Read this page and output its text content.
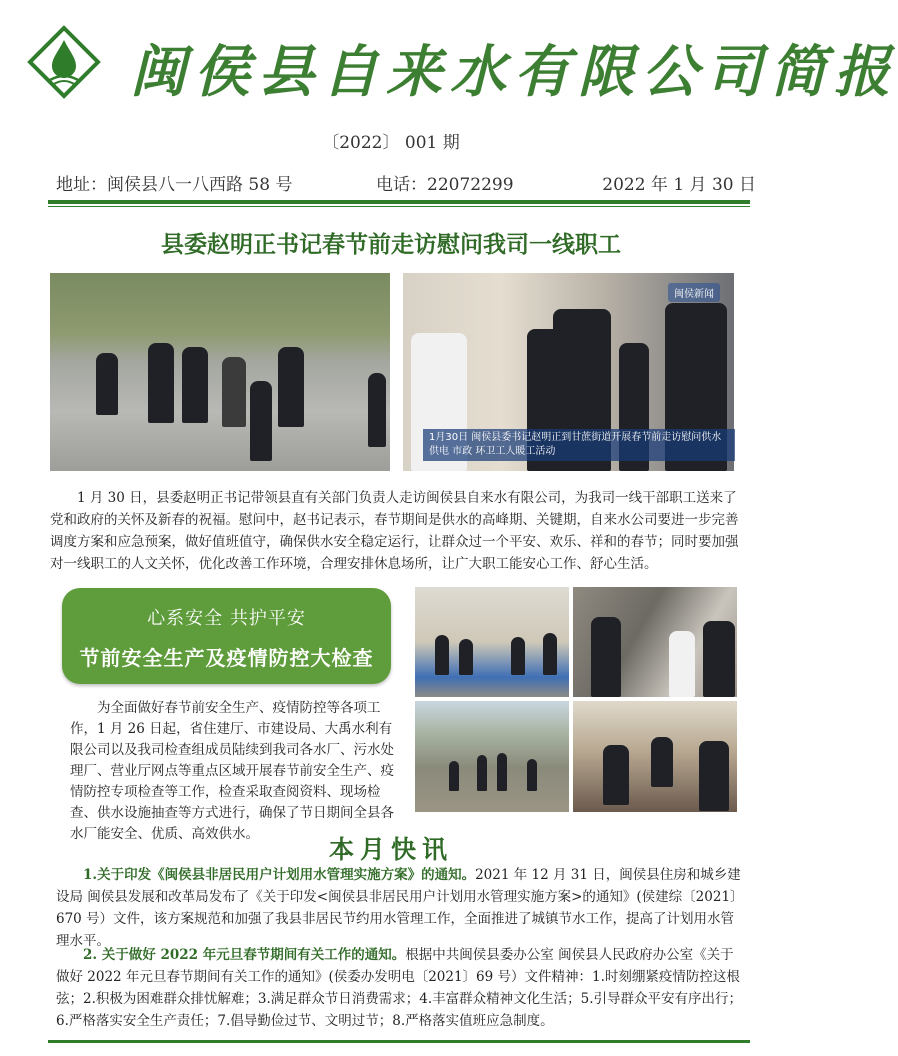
闽侯县自来水有限公司简报
〔2022〕 001 期
地址：闽侯县八一八西路 58 号	电话：22072299	2022 年 1 月 30 日
县委赵明正书记春节前走访慰问我司一线职工
闽侯新闻
1月30日 闽侯县委书记赵明正到甘蔗街道开展春节前走访慰问供水 供电 市政 环卫工人暖工活动
1 月 30 日，县委赵明正书记带领县直有关部门负责人走访闽侯县自来水有限公司，为我司一线干部职工送来了党和政府的关怀及新春的祝福。慰问中，赵书记表示，春节期间是供水的高峰期、关键期，自来水公司要进一步完善调度方案和应急预案，做好值班值守，确保供水安全稳定运行，让群众过一个平安、欢乐、祥和的春节；同时要加强对一线职工的人文关怀，优化改善工作环境，合理安排休息场所，让广大职工能安心工作、舒心生活。
心系安全 共护平安
节前安全生产及疫情防控大检查
为全面做好春节前安全生产、疫情防控等各项工作，1 月 26 日起，省住建厅、市建设局、大禹水利有限公司以及我司检查组成员陆续到我司各水厂、污水处理厂、营业厅网点等重点区域开展春节前安全生产、疫情防控专项检查等工作，检查采取查阅资料、现场检查、供水设施抽查等方式进行，确保了节日期间全县各水厂能安全、优质、高效供水。
本月快讯
1.关于印发《闽侯县非居民用户计划用水管理实施方案》的通知。2021 年 12 月 31 日，闽侯县住房和城乡建设局 闽侯县发展和改革局发布了《关于印发<闽侯县非居民用户计划用水管理实施方案>的通知》(侯建综〔2021〕670 号）文件，该方案规范和加强了我县非居民节约用水管理工作，全面推进了城镇节水工作，提高了计划用水管理水平。
2. 关于做好 2022 年元旦春节期间有关工作的通知。根据中共闽侯县委办公室 闽侯县人民政府办公室《关于做好 2022 年元旦春节期间有关工作的通知》(侯委办发明电〔2021〕69 号）文件精神：1.时刻绷紧疫情防控这根弦；2.积极为困难群众排忧解难；3.满足群众节日消费需求；4.丰富群众精神文化生活；5.引导群众平安有序出行；6.严格落实安全生产责任；7.倡导勤俭过节、文明过节；8.严格落实值班应急制度。
